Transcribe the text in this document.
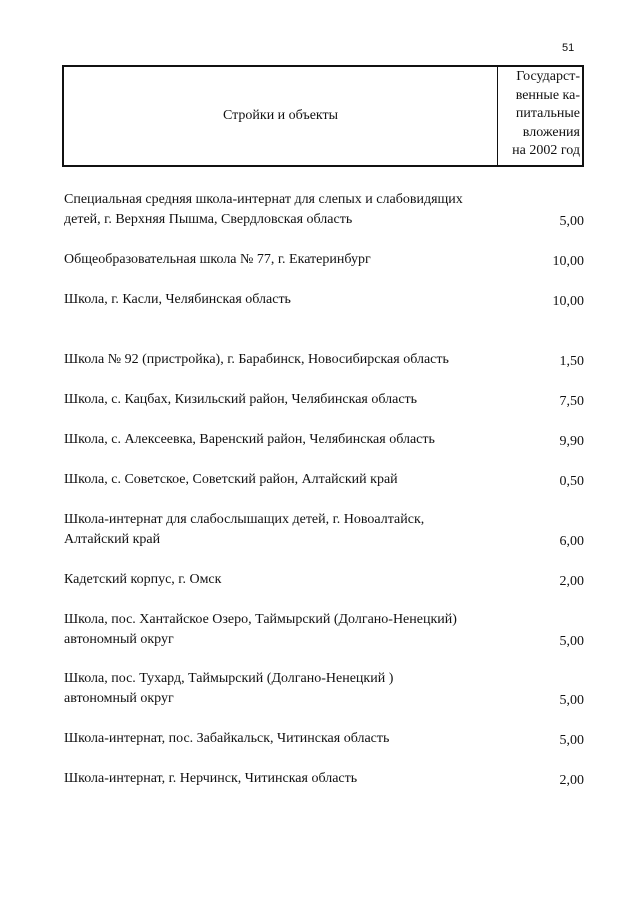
51
Стройки и объекты
Государст-
венные ка-
питальные
вложения
на 2002 год
Специальная средняя школа-интернат для слепых и слабовидящих
детей, г. Верхняя Пышма, Свердловская область	5,00
Общеобразовательная школа № 77, г. Екатеринбург	10,00
Школа, г. Касли, Челябинская область	10,00
Школа № 92 (пристройка), г. Барабинск, Новосибирская область	1,50
Школа, с. Кацбах, Кизильский район, Челябинская область	7,50
Школа, с. Алексеевка, Варенский район, Челябинская область	9,90
Школа, с. Советское, Советский район, Алтайский край	0,50
Школа-интернат для слабослышащих детей, г. Новоалтайск,
Алтайский край	6,00
Кадетский корпус, г. Омск	2,00
Школа, пос. Хантайское Озеро, Таймырский (Долгано-Ненецкий)
автономный округ	5,00
Школа, пос. Тухард, Таймырский (Долгано-Ненецкий )
автономный округ	5,00
Школа-интернат, пос. Забайкальск, Читинская область	5,00
Школа-интернат, г. Нерчинск, Читинская область	2,00
